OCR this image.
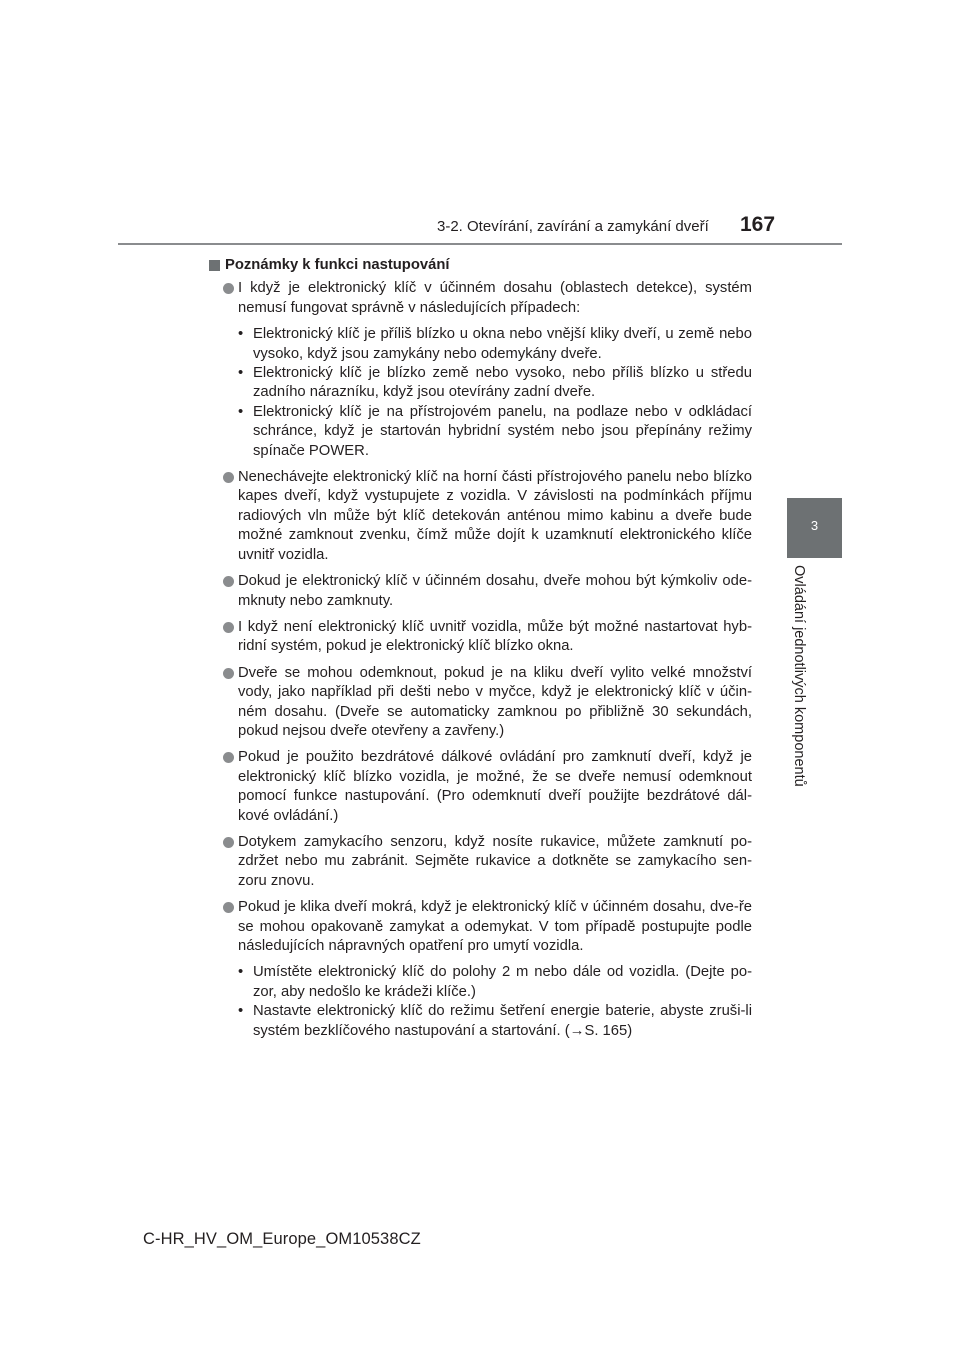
3-2. Otevírání, zavírání a zamykání dveří 167
3
Ovládání jednotlivých komponentů
Poznámky k funkci nastupování
I když je elektronický klíč v účinném dosahu (oblastech detekce), systém nemusí fungovat správně v následujících případech:
• Elektronický klíč je příliš blízko u okna nebo vnější kliky dveří, u země nebo vysoko, když jsou zamykány nebo odemykány dveře.
• Elektronický klíč je blízko země nebo vysoko, nebo příliš blízko u středu zadního nárazníku, když jsou otevírány zadní dveře.
• Elektronický klíč je na přístrojovém panelu, na podlaze nebo v odkládací schránce, když je startován hybridní systém nebo jsou přepínány režimy spínače POWER.
Nenechávejte elektronický klíč na horní části přístrojového panelu nebo blízko kapes dveří, když vystupujete z vozidla. V závislosti na podmínkách příjmu radiových vln může být klíč detekován anténou mimo kabinu a dveře bude možné zamknout zvenku, čímž může dojít k uzamknutí elektronického klíče uvnitř vozidla.
Dokud je elektronický klíč v účinném dosahu, dveře mohou být kýmkoliv ode-mknuty nebo zamknuty.
I když není elektronický klíč uvnitř vozidla, může být možné nastartovat hyb-ridní systém, pokud je elektronický klíč blízko okna.
Dveře se mohou odemknout, pokud je na kliku dveří vylito velké množství vody, jako například při dešti nebo v myčce, když je elektronický klíč v účin-ném dosahu. (Dveře se automaticky zamknou po přibližně 30 sekundách, pokud nejsou dveře otevřeny a zavřeny.)
Pokud je použito bezdrátové dálkové ovládání pro zamknutí dveří, když je elektronický klíč blízko vozidla, je možné, že se dveře nemusí odemknout pomocí funkce nastupování. (Pro odemknutí dveří použijte bezdrátové dál-kové ovládání.)
Dotykem zamykacího senzoru, když nosíte rukavice, můžete zamknutí po-zdržet nebo mu zabránit. Sejměte rukavice a dotkněte se zamykacího sen-zoru znovu.
Pokud je klika dveří mokrá, když je elektronický klíč v účinném dosahu, dve-ře se mohou opakovaně zamykat a odemykat. V tom případě postupujte podle následujících nápravných opatření pro umytí vozidla.
• Umístěte elektronický klíč do polohy 2 m nebo dále od vozidla. (Dejte po-zor, aby nedošlo ke krádeži klíče.)
• Nastavte elektronický klíč do režimu šetření energie baterie, abyste zruši-li systém bezklíčového nastupování a startování. (→S. 165)
C-HR_HV_OM_Europe_OM10538CZ
